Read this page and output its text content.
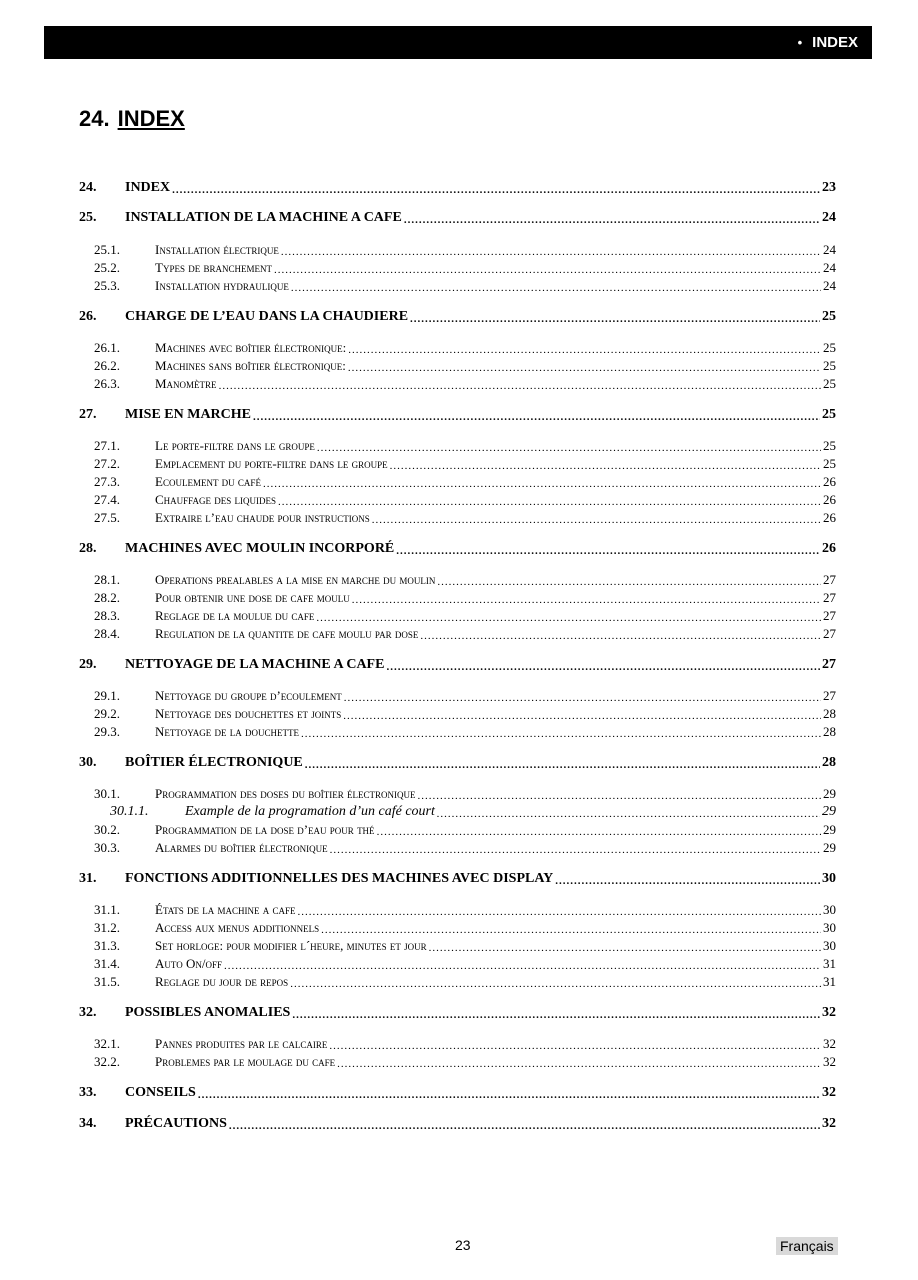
• INDEX
24. INDEX
24.	INDEX .....	23
25.	INSTALLATION DE LA MACHINE A CAFE .....	24
25.1.	Installation électrique .....	24
25.2.	Types de branchement .....	24
25.3.	Installation hydraulique .....	24
26.	CHARGE DE L’EAU DANS LA CHAUDIERE .....	25
26.1.	Machines avec boîtier électronique: .....	25
26.2.	Machines sans boîtier électronique: .....	25
26.3.	Manomètre .....	25
27.	MISE EN MARCHE .....	25
27.1.	Le porte-filtre dans le groupe .....	25
27.2.	Emplacement du porte-filtre dans le groupe .....	25
27.3.	Ecoulement du café .....	26
27.4.	Chauffage des liquides .....	26
27.5.	Extraire l’eau chaude pour instructions .....	26
28.	MACHINES AVEC MOULIN INCORPORÉ .....	26
28.1.	Operations prealables a la mise en marche du moulin .....	27
28.2.	Pour obtenir une dose de cafe moulu .....	27
28.3.	Reglage de la moulue du cafe .....	27
28.4.	Regulation de la quantite de cafe moulu par dose .....	27
29.	NETTOYAGE DE LA MACHINE A CAFE .....	27
29.1.	Nettoyage du groupe d’ecoulement .....	27
29.2.	Nettoyage des douchettes et joints .....	28
29.3.	Nettoyage de la douchette .....	28
30.	BOÎTIER ÉLECTRONIQUE .....	28
30.1.	Programmation des doses du boîtier électronique .....	29
30.1.1.	Example de la programation d’un café court .....	29
30.2.	Programmation de la dose d’eau pour thé .....	29
30.3.	Alarmes du boîtier électronique .....	29
31.	FONCTIONS ADDITIONNELLES DES MACHINES AVEC DISPLAY .....	30
31.1.	États de la machine a cafe .....	30
31.2.	Access aux menus additionnels .....	30
31.3.	Set horloge: pour modifier l´heure, minutes et jour .....	30
31.4.	Auto On/off .....	31
31.5.	Reglage du jour de repos .....	31
32.	POSSIBLES ANOMALIES .....	32
32.1.	Pannes produites par le calcaire .....	32
32.2.	Problemes par le moulage du cafe .....	32
33.	CONSEILS .....	32
34.	PRÉCAUTIONS .....	32
23	Français
